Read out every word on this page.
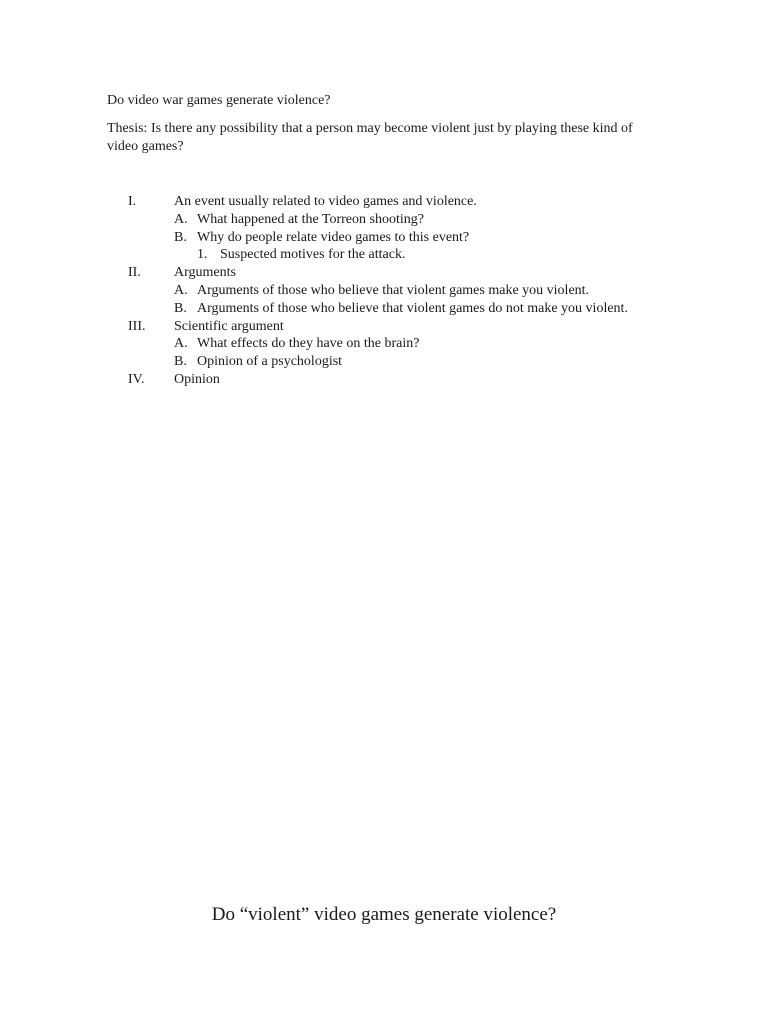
Do video war games generate violence?

Thesis: Is there any possibility that a person may become violent just by playing these kind of video games?

I.	An event usually related to video games and violence.
A. What happened at the Torreon shooting?
B. Why do people relate video games to this event?
1. Suspected motives for the attack.
II. Arguments
A. Arguments of those who believe that violent games make you violent.
B. Arguments of those who believe that violent games do not make you violent.
III. Scientific argument
A. What effects do they have on the brain?
B. Opinion of a psychologist
IV. Opinion

Do “violent” video games generate violence?
